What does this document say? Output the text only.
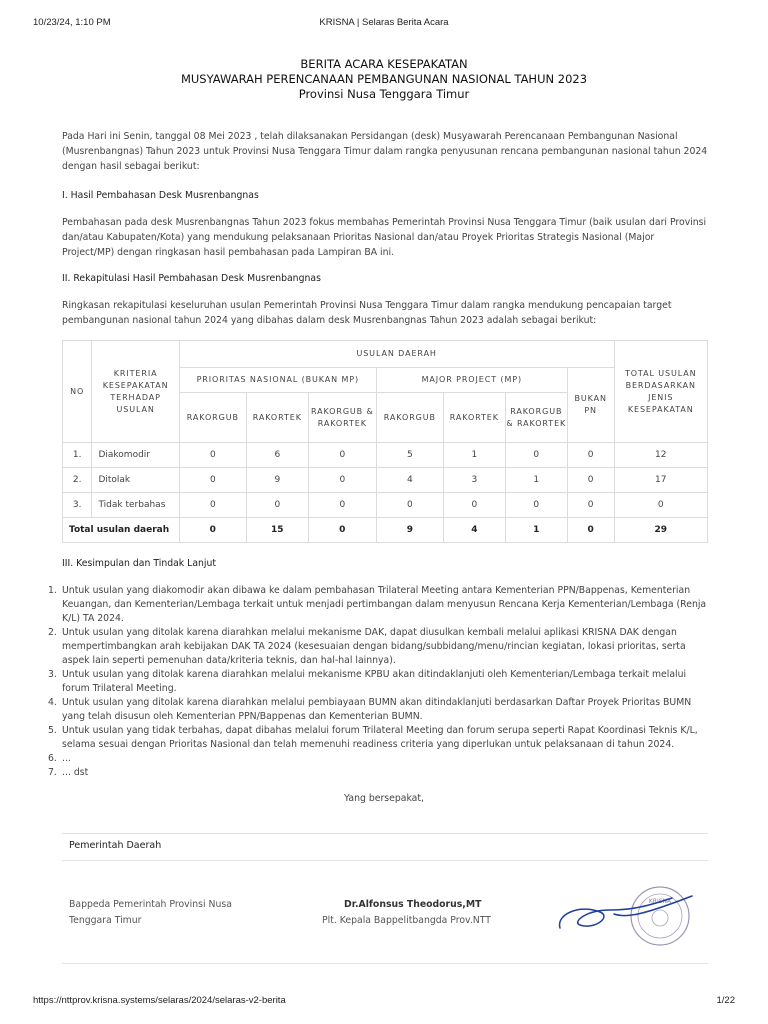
10/23/24, 1:10 PM	KRISNA | Selaras Berita Acara
BERITA ACARA KESEPAKATAN
MUSYAWARAH PERENCANAAN PEMBANGUNAN NASIONAL TAHUN 2023
Provinsi Nusa Tenggara Timur

Pada Hari ini Senin, tanggal 08 Mei 2023 , telah dilaksanakan Persidangan (desk) Musyawarah Perencanaan Pembangunan Nasional (Musrenbangnas) Tahun 2023 untuk Provinsi Nusa Tenggara Timur dalam rangka penyusunan rencana pembangunan nasional tahun 2024 dengan hasil sebagai berikut:

I. Hasil Pembahasan Desk Musrenbangnas

Pembahasan pada desk Musrenbangnas Tahun 2023 fokus membahas Pemerintah Provinsi Nusa Tenggara Timur (baik usulan dari Provinsi dan/atau Kabupaten/Kota) yang mendukung pelaksanaan Prioritas Nasional dan/atau Proyek Prioritas Strategis Nasional (Major Project/MP) dengan ringkasan hasil pembahasan pada Lampiran BA ini.

II. Rekapitulasi Hasil Pembahasan Desk Musrenbangnas

Ringkasan rekapitulasi keseluruhan usulan Pemerintah Provinsi Nusa Tenggara Timur dalam rangka mendukung pencapaian target pembangunan nasional tahun 2024 yang dibahas dalam desk Musrenbangnas Tahun 2023 adalah sebagai berikut:

NO	KRITERIA KESEPAKATAN TERHADAP USULAN	USULAN DAERAH							TOTAL USULAN BERDASARKAN JENIS KESEPAKATAN
		PRIORITAS NASIONAL (BUKAN MP)			MAJOR PROJECT (MP)			BUKAN PN	
		RAKORGUB	RAKORTEK	RAKORGUB & RAKORTEK	RAKORGUB	RAKORTEK	RAKORGUB & RAKORTEK		
1.	Diakomodir	0	6	0	5	1	0	0	12
2.	Ditolak	0	9	0	4	3	1	0	17
3.	Tidak terbahas	0	0	0	0	0	0	0	0
Total usulan daerah		0	15	0	9	4	1	0	29

III. Kesimpulan dan Tindak Lanjut

1. Untuk usulan yang diakomodir akan dibawa ke dalam pembahasan Trilateral Meeting antara Kementerian PPN/Bappenas, Kementerian Keuangan, dan Kementerian/Lembaga terkait untuk menjadi pertimbangan dalam menyusun Rencana Kerja Kementerian/Lembaga (Renja K/L) TA 2024.
2. Untuk usulan yang ditolak karena diarahkan melalui mekanisme DAK, dapat diusulkan kembali melalui aplikasi KRISNA DAK dengan mempertimbangkan arah kebijakan DAK TA 2024 (kesesuaian dengan bidang/subbidang/menu/rincian kegiatan, lokasi prioritas, serta aspek lain seperti pemenuhan data/kriteria teknis, dan hal-hal lainnya).
3. Untuk usulan yang ditolak karena diarahkan melalui mekanisme KPBU akan ditindaklanjuti oleh Kementerian/Lembaga terkait melalui forum Trilateral Meeting.
4. Untuk usulan yang ditolak karena diarahkan melalui pembiayaan BUMN akan ditindaklanjuti berdasarkan Daftar Proyek Prioritas BUMN yang telah disusun oleh Kementerian PPN/Bappenas dan Kementerian BUMN.
5. Untuk usulan yang tidak terbahas, dapat dibahas melalui forum Trilateral Meeting dan forum serupa seperti Rapat Koordinasi Teknis K/L, selama sesuai dengan Prioritas Nasional dan telah memenuhi readiness criteria yang diperlukan untuk pelaksanaan di tahun 2024.
6. ...
7. ... dst
Yang bersepakat,
Pemerintah Daerah
Bappeda Pemerintah Provinsi Nusa Tenggara Timur
Dr.Alfonsus Theodorus,MT
Plt. Kepala Bappelitbangda Prov.NTT
KRISNA
https://nttprov.krisna.systems/selaras/2024/selaras-v2-berita	1/22
